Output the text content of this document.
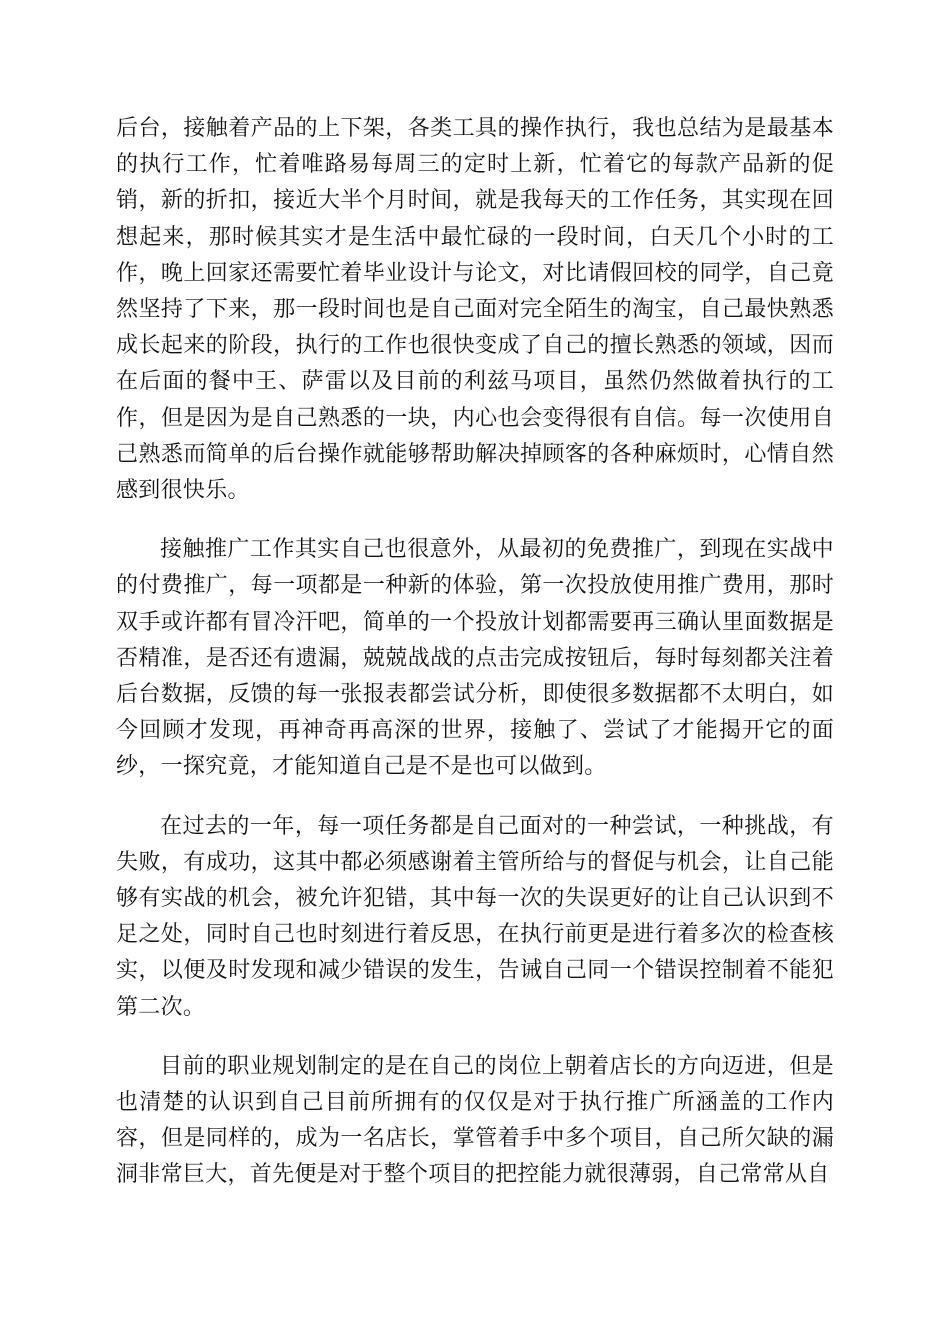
后台，接触着产品的上下架，各类工具的操作执行，我也总结为是最基本的执行工作，忙着唯路易每周三的定时上新，忙着它的每款产品新的促销，新的折扣，接近大半个月时间，就是我每天的工作任务，其实现在回想起来，那时候其实才是生活中最忙碌的一段时间，白天几个小时的工作，晚上回家还需要忙着毕业设计与论文，对比请假回校的同学，自己竟然坚持了下来，那一段时间也是自己面对完全陌生的淘宝，自己最快熟悉成长起来的阶段，执行的工作也很快变成了自己的擅长熟悉的领域，因而在后面的餐中王、萨雷以及目前的利兹马项目，虽然仍然做着执行的工作，但是因为是自己熟悉的一块，内心也会变得很有自信。每一次使用自己熟悉而简单的后台操作就能够帮助解决掉顾客的各种麻烦时，心情自然感到很快乐。

接触推广工作其实自己也很意外，从最初的免费推广，到现在实战中的付费推广，每一项都是一种新的体验，第一次投放使用推广费用，那时双手或许都有冒冷汗吧，简单的一个投放计划都需要再三确认里面数据是否精准，是否还有遗漏，兢兢战战的点击完成按钮后，每时每刻都关注着后台数据，反馈的每一张报表都尝试分析，即使很多数据都不太明白，如今回顾才发现，再神奇再高深的世界，接触了、尝试了才能揭开它的面纱，一探究竟，才能知道自己是不是也可以做到。

在过去的一年，每一项任务都是自己面对的一种尝试，一种挑战，有失败，有成功，这其中都必须感谢着主管所给与的督促与机会，让自己能够有实战的机会，被允许犯错，其中每一次的失误更好的让自己认识到不足之处，同时自己也时刻进行着反思，在执行前更是进行着多次的检查核实，以便及时发现和减少错误的发生，告诫自己同一个错误控制着不能犯第二次。

目前的职业规划制定的是在自己的岗位上朝着店长的方向迈进，但是也清楚的认识到自己目前所拥有的仅仅是对于执行推广所涵盖的工作内容，但是同样的，成为一名店长，掌管着手中多个项目，自己所欠缺的漏洞非常巨大，首先便是对于整个项目的把控能力就很薄弱，自己常常从自
